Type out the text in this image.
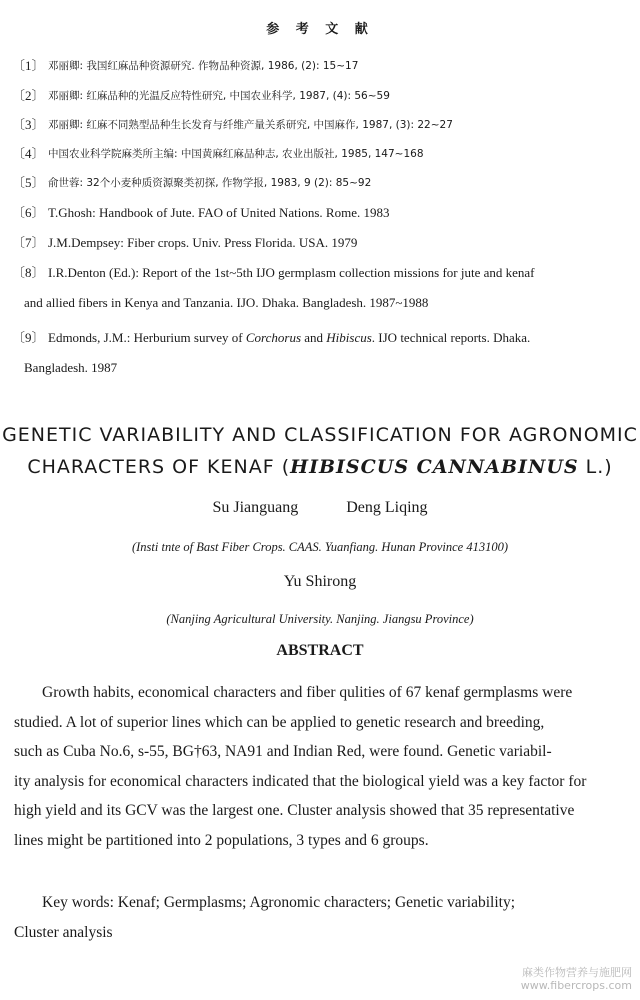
参 考 文 献
〔1〕 邓丽卿: 我国红麻品种资源研究. 作物品种资源, 1986, (2): 15~17
〔2〕 邓丽卿: 红麻品种的光温反应特性研究, 中国农业科学, 1987, (4): 56~59
〔3〕 邓丽卿: 红麻不同熟型品种生长发育与纤维产量关系研究, 中国麻作, 1987, (3): 22~27
〔4〕 中国农业科学院麻类所主编: 中国黄麻红麻品种志, 农业出版社, 1985, 147~168
〔5〕 俞世蓉: 32个小麦种质资源聚类初探, 作物学报, 1983, 9 (2): 85~92
〔6〕 T.Ghosh: Handbook of Jute. FAO of United Nations. Rome. 1983
〔7〕 J.M.Dempsey: Fiber crops. Univ. Press Florida. USA. 1979
〔8〕 I.R.Denton (Ed.): Report of the 1st~5th IJO germplasm collection missions for jute and kenaf
and allied fibers in Kenya and Tanzania. IJO. Dhaka. Bangladesh. 1987~1988
〔9〕 Edmonds, J.M.: Herburium survey of Corchorus and Hibiscus. IJO technical reports. Dhaka.
Bangladesh. 1987
GENETIC VARIABILITY AND CLASSIFICATION FOR AGRONOMIC
CHARACTERS OF KENAF (HIBISCUS CANNABINUS L.)
Su Jianguang	Deng Liqing
(Insti tnte of Bast Fiber Crops. CAAS. Yuanfiang. Hunan Province 413100)
Yu Shirong
(Nanjing Agricultural University. Nanjing. Jiangsu Province)
ABSTRACT
Growth habits, economical characters and fiber qulities of 67 kenaf germplasms were
studied. A lot of superior lines which can be applied to genetic research and breeding,
such as Cuba No.6, s-55, BG†63, NA91 and Indian Red, were found. Genetic variabil-
ity analysis for economical characters indicated that the biological yield was a key factor for
high yield and its GCV was the largest one. Cluster analysis showed that 35 representative
lines might be partitioned into 2 populations, 3 types and 6 groups.
Key words: Kenaf; Germplasms; Agronomic characters; Genetic variability;
Cluster analysis
麻类作物营养与施肥网
www.fibercrops.com
